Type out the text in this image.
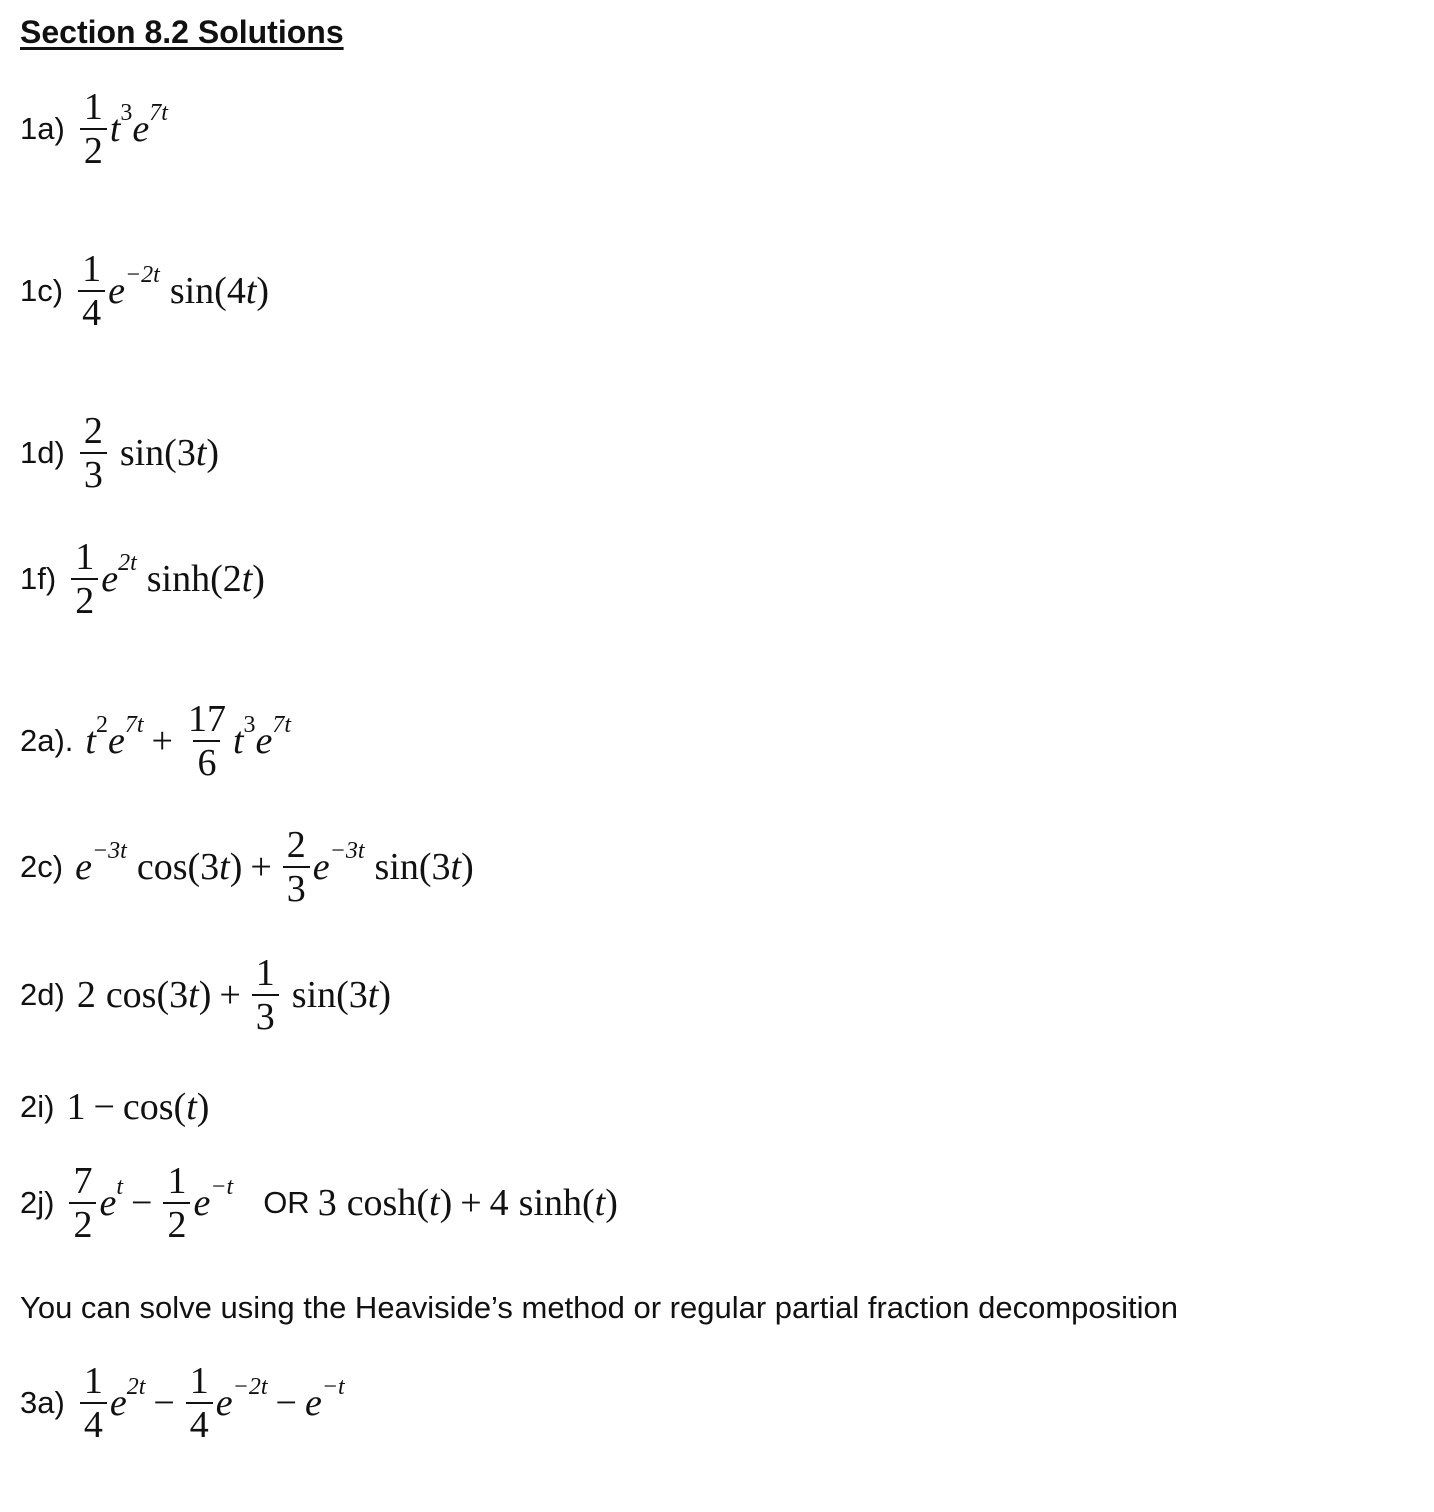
Section 8.2 Solutions
$1a) \frac{1}{2} t^3$ e $^{7t}$
$1c) \frac{1}{4}$ e $^{-2t}$ sin(4 t )
$1d) \frac{2}{3} \sin(3$ t )
$1f) \frac{1}{2}$ e $^{2t}$ sinh(2 t )
2a). $t^2$ e $^{7t} + \frac{17}{6} t^3$ e $^{7t}$
2c) e $^{-3t}$ cos(3 t ) + $\frac{2}{3}$ e $^{-3t}$ sin(3 t )
2d) 2 cos(3 t ) + $\frac{1}{3} \sin(3$ t )
2i) 1 − cos( t )
$2j) \frac{7}{2}$ e $^t - \frac{1}{2}$ e $^{-t}$ OR 3 cosh( t ) + 4 sinh( t )
You can solve using the Heaviside’s method or regular partial fraction decomposition
$3a) \frac{1}{4}$ e $^{2t} - \frac{1}{4}$ e $^{-2t}$ − e $^{-t}$
